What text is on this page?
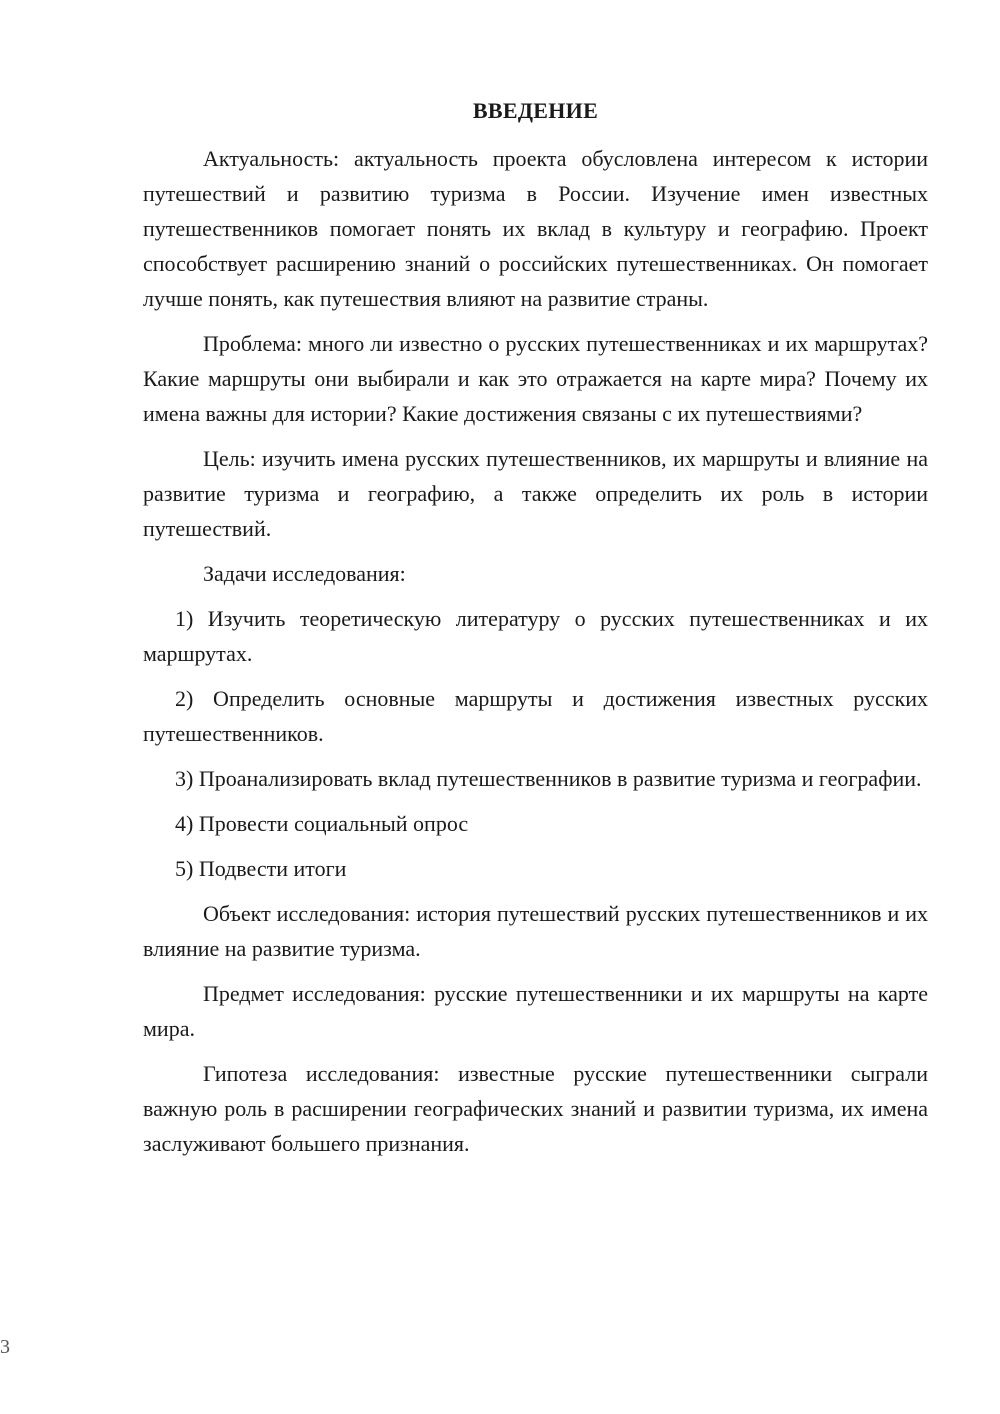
ВВЕДЕНИЕ

Актуальность: актуальность проекта обусловлена интересом к истории путешествий и развитию туризма в России. Изучение имен известных путешественников помогает понять их вклад в культуру и географию. Проект способствует расширению знаний о российских путешественниках. Он помогает лучше понять, как путешествия влияют на развитие страны.

Проблема: много ли известно о русских путешественниках и их маршрутах? Какие маршруты они выбирали и как это отражается на карте мира? Почему их имена важны для истории? Какие достижения связаны с их путешествиями?

Цель: изучить имена русских путешественников, их маршруты и влияние на развитие туризма и географию, а также определить их роль в истории путешествий.

Задачи исследования:

1) Изучить теоретическую литературу о русских путешественниках и их маршрутах.

2) Определить основные маршруты и достижения известных русских путешественников.

3) Проанализировать вклад путешественников в развитие туризма и географии.

4) Провести социальный опрос

5) Подвести итоги

Объект исследования: история путешествий русских путешественников и их влияние на развитие туризма.

Предмет исследования: русские путешественники и их маршруты на карте мира.

Гипотеза исследования: известные русские путешественники сыграли важную роль в расширении географических знаний и развитии туризма, их имена заслуживают большего признания.

3
